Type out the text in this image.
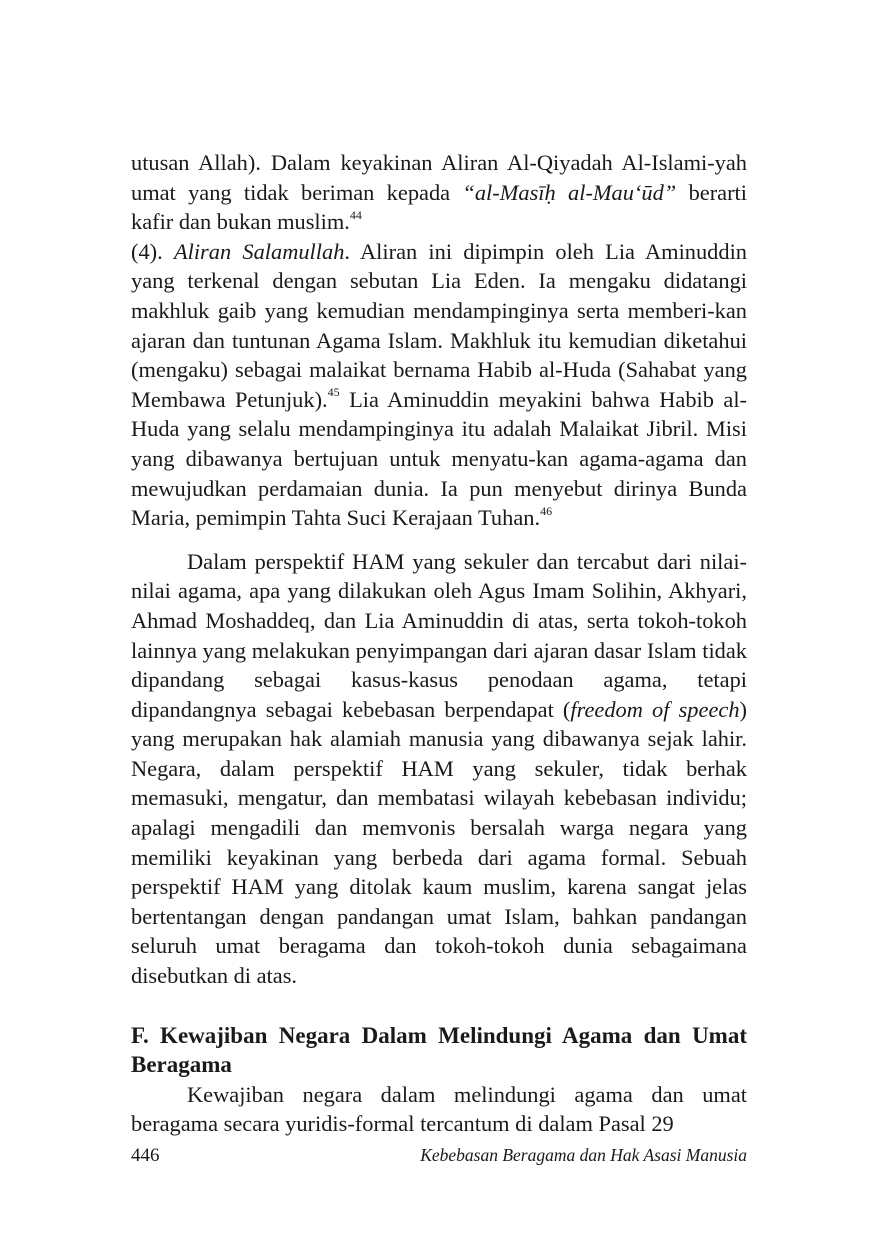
utusan Allah). Dalam keyakinan Aliran Al-Qiyadah Al-Islami-yah umat yang tidak beriman kepada “al-Masīḥ al-Mau‘ūd” berarti kafir dan bukan muslim.$^{44}$

(4). Aliran Salamullah. Aliran ini dipimpin oleh Lia Aminuddin yang terkenal dengan sebutan Lia Eden. Ia mengaku didatangi makhluk gaib yang kemudian mendampinginya serta memberi-kan ajaran dan tuntunan Agama Islam. Makhluk itu kemudian diketahui (mengaku) sebagai malaikat bernama Habib al-Huda (Sahabat yang Membawa Petunjuk).$^{45}$ Lia Aminuddin meyakini bahwa Habib al-Huda yang selalu mendampinginya itu adalah Malaikat Jibril. Misi yang dibawanya bertujuan untuk menyatu-kan agama-agama dan mewujudkan perdamaian dunia. Ia pun menyebut dirinya Bunda Maria, pemimpin Tahta Suci Kerajaan Tuhan.$^{46}$

Dalam perspektif HAM yang sekuler dan tercabut dari nilai-nilai agama, apa yang dilakukan oleh Agus Imam Solihin, Akhyari, Ahmad Moshaddeq, dan Lia Aminuddin di atas, serta tokoh-tokoh lainnya yang melakukan penyimpangan dari ajaran dasar Islam tidak dipandang sebagai kasus-kasus penodaan agama, tetapi dipandangnya sebagai kebebasan berpendapat (freedom of speech) yang merupakan hak alamiah manusia yang dibawanya sejak lahir. Negara, dalam perspektif HAM yang sekuler, tidak berhak memasuki, mengatur, dan membatasi wilayah kebebasan individu; apalagi mengadili dan memvonis bersalah warga negara yang memiliki keyakinan yang berbeda dari agama formal. Sebuah perspektif HAM yang ditolak kaum muslim, karena sangat jelas bertentangan dengan pandangan umat Islam, bahkan pandangan seluruh umat beragama dan tokoh-tokoh dunia sebagaimana disebutkan di atas.

F. Kewajiban Negara Dalam Melindungi Agama dan Umat Beragama

Kewajiban negara dalam melindungi agama dan umat beragama secara yuridis-formal tercantum di dalam Pasal 29

446	Kebebasan Beragama dan Hak Asasi Manusia
